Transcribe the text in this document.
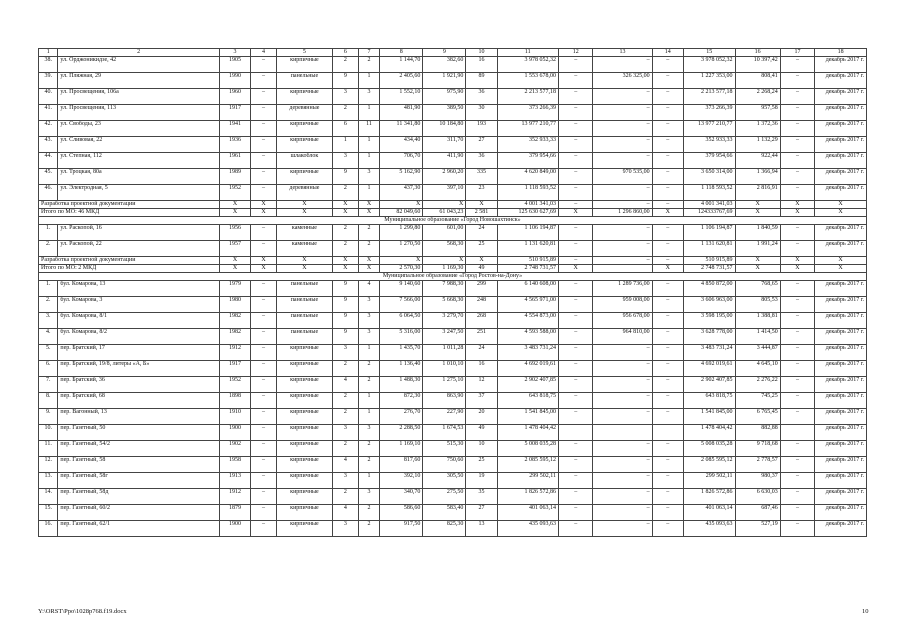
1	2	3	4	5	6	7	8	9	10	11	12	13	14	15	16	17	18
38.	ул. Орджоникидзе, 42	1905	–	кирпичные	2	2	1 144,70	382,60	16	3 978 052,32	–	–	–	3 978 052,32	10 397,42	–	декабрь 2017 г.
39.	ул. Пляжная, 29	1990	–	панельные	9	1	2 405,60	1 921,90	89	1 553 678,00	–	326 325,00	–	1 227 353,00	808,41	–	декабрь 2017 г.
40.	ул. Просвещения, 106а	1960	–	кирпичные	3	3	1 552,10	975,90	36	2 213 577,18	–	–	–	2 213 577,18	2 268,24	–	декабрь 2017 г.
41.	ул. Просвещения, 113	1917	–	деревянные	2	1	481,90	389,50	30	373 266,39	–	–	–	373 266,39	957,58	–	декабрь 2017 г.
42.	ул. Свободы, 23	1941	–	кирпичные	6	11	11 341,80	10 184,80	193	13 977 210,77	–	–	–	13 977 210,77	1 372,36	–	декабрь 2017 г.
43.	ул. Сливовая, 22	1936	–	кирпичные	1	1	434,40	311,70	27	352 933,33	–	–	–	352 933,33	1 132,29	–	декабрь 2017 г.
44.	ул. Степная, 112	1961	–	шлакоблок	3	1	706,70	411,90	36	379 954,66	–	–	–	379 954,66	922,44	–	декабрь 2017 г.
45.	ул. Троцкая, 80а	1989	–	кирпичные	9	3	5 162,90	2 960,20	335	4 620 849,00	–	970 535,00	–	3 650 314,00	1 366,94	–	декабрь 2017 г.
46.	ул. Электродная, 5	1952	–	деревянные	2	1	437,30	397,10	23	1 118 593,52	–	–	–	1 118 593,52	2 816,91	–	декабрь 2017 г.
Разработка проектной документации		X	X	X	X	X	X	X	X	4 001 341,03	–	–	–	4 001 341,03	X	X	X
Итого по МО: 46 МКД		X	X	X	X	X	82 049,60	61 043,23	2 581	125 630 627,69	X	1 296 860,00	X	124333767,69	X	X	X
Муниципальное образование «Город Новошахтинск»																	
1.	ул. Раскопой, 16	1956	–	каменные	2	2	1 299,80	601,00	24	1 106 194,87	–	–	–	1 106 194,87	1 840,59	–	декабрь 2017 г.
2.	ул. Раскопой, 22	1957	–	каменные	2	2	1 270,50	568,30	25	1 131 620,81	–	–	–	1 131 620,81	1 991,24	–	декабрь 2017 г.
Разработка проектной документации		X	X	X	X	X	X	X	X	510 915,89	–	–	–	510 915,89	X	X	X
Итого по МО: 2 МКД		X	X	X	X	X	2 570,30	1 169,30	49	2 748 731,57	X		X	2 748 731,57	X	X	X
Муниципальное образование «Город Ростов-на-Дону»																	
1.	бул. Комарова, 13	1979	–	панельные	9	4	9 140,60	7 988,30	299	6 140 608,00	–	1 289 736,00	–	4 850 872,00	768,65	–	декабрь 2017 г.
2.	бул. Комарова, 3	1980	–	панельные	9	3	7 566,00	5 668,30	248	4 565 971,00	–	959 008,00	–	3 606 963,00	805,53	–	декабрь 2017 г.
3.	бул. Комарова, 8/1	1982	–	панельные	9	3	6 064,50	3 279,70	268	4 554 873,00	–	956 678,00	–	3 598 195,00	1 388,81	–	декабрь 2017 г.
4.	бул. Комарова, 8/2	1982	–	панельные	9	3	5 316,00	3 247,50	251	4 593 588,00	–	964 810,00	–	3 628 778,00	1 414,50	–	декабрь 2017 г.
5.	пер. Братский, 17	1912	–	кирпичные	3	1	1 435,70	1 011,28	24	3 483 731,24	–	–	–	3 483 731,24	3 444,87	–	декабрь 2017 г.
6.	пер. Братский, 19/8, литеры «А, Б»	1917	–	кирпичные	2	2	1 136,40	1 010,10	16	4 692 019,61	–	–	–	4 692 019,61	4 645,10	–	декабрь 2017 г.
7.	пер. Братский, 36	1952	–	кирпичные	4	2	1 488,30	1 275,10	12	2 902 407,85	–	–	–	2 902 407,85	2 276,22	–	декабрь 2017 г.
8.	пер. Братский, 68	1898	–	кирпичные	2	1	872,30	863,90	37	643 818,75	–	–	–	643 818,75	745,25	–	декабрь 2017 г.
9.	пер. Вагонный, 13	1910	–	кирпичные	2	1	276,70	227,90	20	1 541 845,00	–	–	–	1 541 845,00	6 765,45	–	декабрь 2017 г.
10.	пер. Газетный, 50	1900	–	кирпичные	3	3	2 288,50	1 674,53	49	1 478 404,42				1 478 404,42	882,88		декабрь 2017 г.
11.	пер. Газетный, 54/2	1902	–	кирпичные	2	2	1 169,10	515,30	10	5 008 035,28	–	–	–	5 008 035,28	9 718,68	–	декабрь 2017 г.
12.	пер. Газетный, 58	1958	–	кирпичные	4	2	817,60	750,60	25	2 085 595,12	–	–	–	2 085 595,12	2 778,57	–	декабрь 2017 г.
13.	пер. Газетный, 58г	1913	–	кирпичные	3	1	392,10	305,50	19	299 502,11	–	–	–	299 502,11	980,37	–	декабрь 2017 г.
14.	пер. Газетный, 58д	1912	–	кирпичные	2	3	340,70	275,50	35	1 826 572,86	–	–	–	1 826 572,86	6 630,03	–	декабрь 2017 г.
15.	пер. Газетный, 60/2	1879	–	кирпичные	4	2	586,60	583,40	27	401 063,14	–	–	–	401 063,14	687,46	–	декабрь 2017 г.
16.	пер. Газетный, 62/1	1900	–	кирпичные	3	2	917,50	825,30	13	435 093,63	–	–	–	435 093,63	527,19	–	декабрь 2017 г.
Y:\ORST\Ppo\1028p768.f19.docx	10
